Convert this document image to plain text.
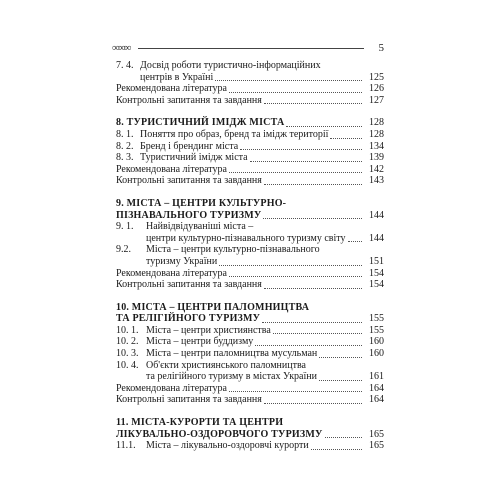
∞∞∞	5
7. 4. Досвід роботи туристично-інформаційних
центрів в Україні	125
Рекомендована література	126
Контрольні запитання та завдання	127
8. ТУРИСТИЧНИЙ ІМІДЖ МІСТА	128
8. 1. Поняття про образ, бренд та імідж території	128
8. 2. Бренд і брендинг міста	134
8. 3. Туристичний імідж міста	139
Рекомендована література	142
Контрольні запитання та завдання	143
9. МІСТА – ЦЕНТРИ КУЛЬТУРНО-
ПІЗНАВАЛЬНОГО ТУРИЗМУ	144
9. 1.	Найвідвідуваніші міста –
центри культурно-пізнавального туризму світу	144
9.2.	Міста – центри культурно-пізнавального
туризму України	151
Рекомендована література	154
Контрольні запитання та завдання	154
10. МІСТА – ЦЕНТРИ ПАЛОМНИЦТВА
ТА РЕЛІГІЙНОГО ТУРИЗМУ	155
10. 1. Міста – центри християнства	155
10. 2. Міста – центри буддизму	160
10. 3. Міста – центри паломництва мусульман	160
10. 4. Об'єкти християнського паломництва
та релігійного туризму в містах України	161
Рекомендована література	164
Контрольні запитання та завдання	164
11. МІСТА-КУРОРТИ ТА ЦЕНТРИ
ЛІКУВАЛЬНО-ОЗДОРОВЧОГО ТУРИЗМУ	165
11.1.	Міста – лікувально-оздоровчі курорти	165
